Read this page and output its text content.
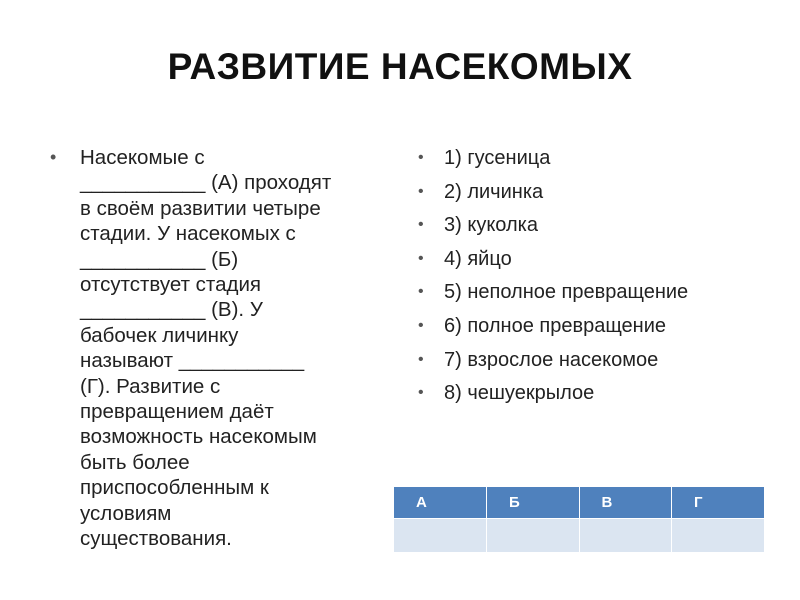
РАЗВИТИЕ НАСЕКОМЫХ
• Насекомые с
___________ (А) проходят
в своём развитии четыре
стадии. У насекомых с
___________ (Б)
отсутствует стадия
___________ (В). У
бабочек личинку
называют ___________
(Г). Развитие с
превращением даёт
возможность насекомым
быть более
приспособленным к
условиям
существования.
• 1) гусеница
• 2) личинка
• 3) куколка
• 4) яйцо
• 5) неполное превращение
• 6) полное превращение
• 7) взрослое насекомое
• 8) чешуекрылое
А	Б	В	Г
